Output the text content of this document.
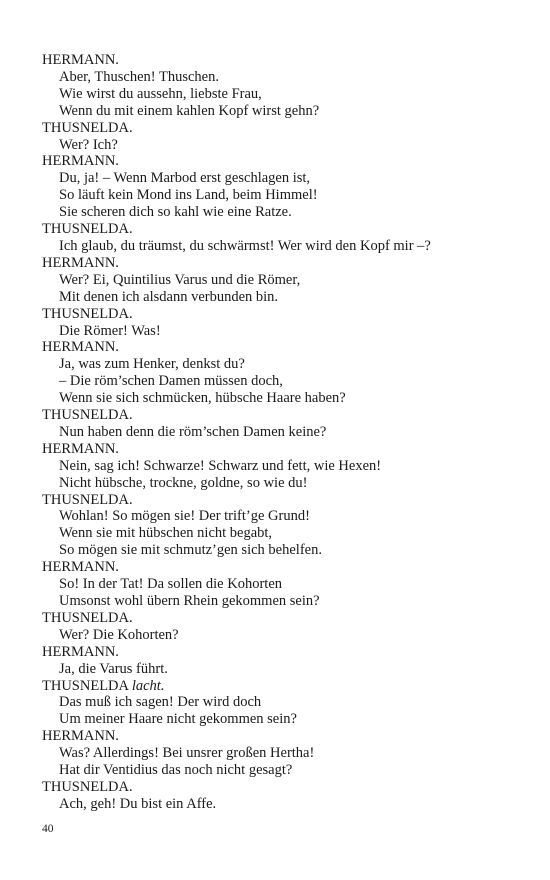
HERMANN.
Aber, Thuschen! Thuschen.
Wie wirst du aussehn, liebste Frau,
Wenn du mit einem kahlen Kopf wirst gehn?
THUSNELDA.
Wer? Ich?
HERMANN.
Du, ja! – Wenn Marbod erst geschlagen ist,
So läuft kein Mond ins Land, beim Himmel!
Sie scheren dich so kahl wie eine Ratze.
THUSNELDA.
Ich glaub, du träumst, du schwärmst! Wer wird den Kopf mir –?
HERMANN.
Wer? Ei, Quintilius Varus und die Römer,
Mit denen ich alsdann verbunden bin.
THUSNELDA.
Die Römer! Was!
HERMANN.
Ja, was zum Henker, denkst du?
– Die röm’schen Damen müssen doch,
Wenn sie sich schmücken, hübsche Haare haben?
THUSNELDA.
Nun haben denn die röm’schen Damen keine?
HERMANN.
Nein, sag ich! Schwarze! Schwarz und fett, wie Hexen!
Nicht hübsche, trockne, goldne, so wie du!
THUSNELDA.
Wohlan! So mögen sie! Der trift’ge Grund!
Wenn sie mit hübschen nicht begabt,
So mögen sie mit schmutz’gen sich behelfen.
HERMANN.
So! In der Tat! Da sollen die Kohorten
Umsonst wohl übern Rhein gekommen sein?
THUSNELDA.
Wer? Die Kohorten?
HERMANN.
Ja, die Varus führt.
THUSNELDA lacht.
Das muß ich sagen! Der wird doch
Um meiner Haare nicht gekommen sein?
HERMANN.
Was? Allerdings! Bei unsrer großen Hertha!
Hat dir Ventidius das noch nicht gesagt?
THUSNELDA.
Ach, geh! Du bist ein Affe.
40
